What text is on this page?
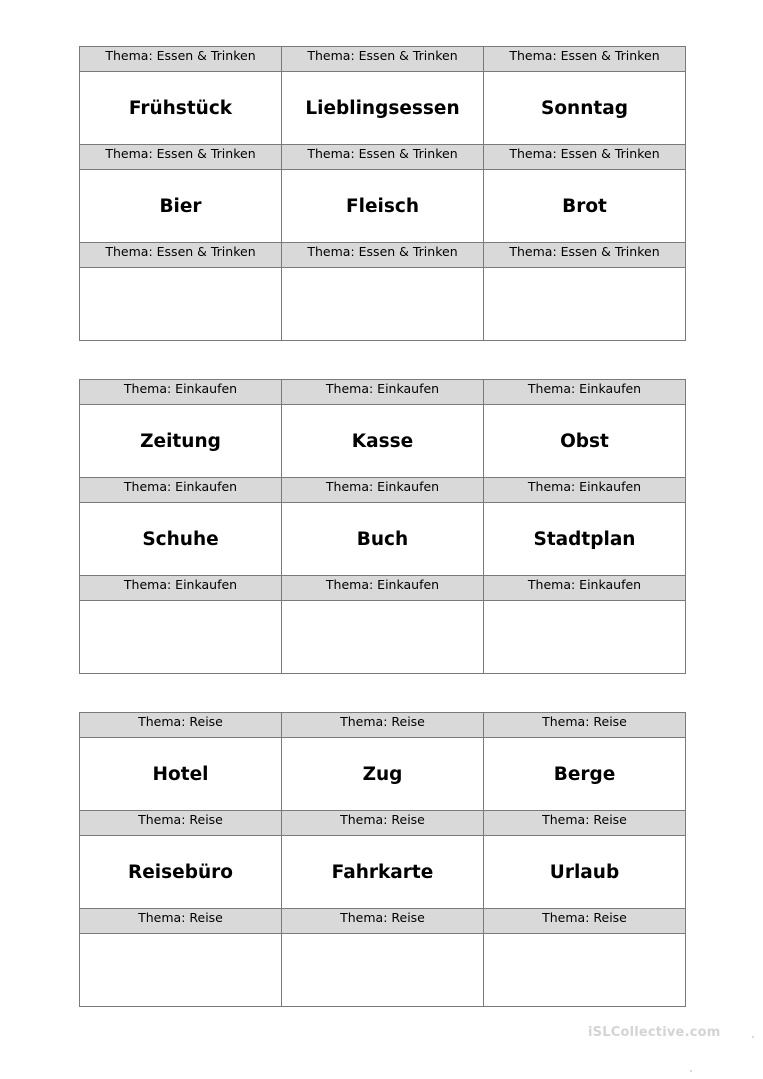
Thema: Essen & Trinken	Thema: Essen & Trinken	Thema: Essen & Trinken
Frühstück	Lieblingsessen	Sonntag
Thema: Essen & Trinken	Thema: Essen & Trinken	Thema: Essen & Trinken
Bier	Fleisch	Brot
Thema: Essen & Trinken	Thema: Essen & Trinken	Thema: Essen & Trinken

Thema: Einkaufen	Thema: Einkaufen	Thema: Einkaufen
Zeitung	Kasse	Obst
Thema: Einkaufen	Thema: Einkaufen	Thema: Einkaufen
Schuhe	Buch	Stadtplan
Thema: Einkaufen	Thema: Einkaufen	Thema: Einkaufen

Thema: Reise	Thema: Reise	Thema: Reise
Hotel	Zug	Berge
Thema: Reise	Thema: Reise	Thema: Reise
Reisebüro	Fahrkarte	Urlaub
Thema: Reise	Thema: Reise	Thema: Reise

iSLCollective.com
